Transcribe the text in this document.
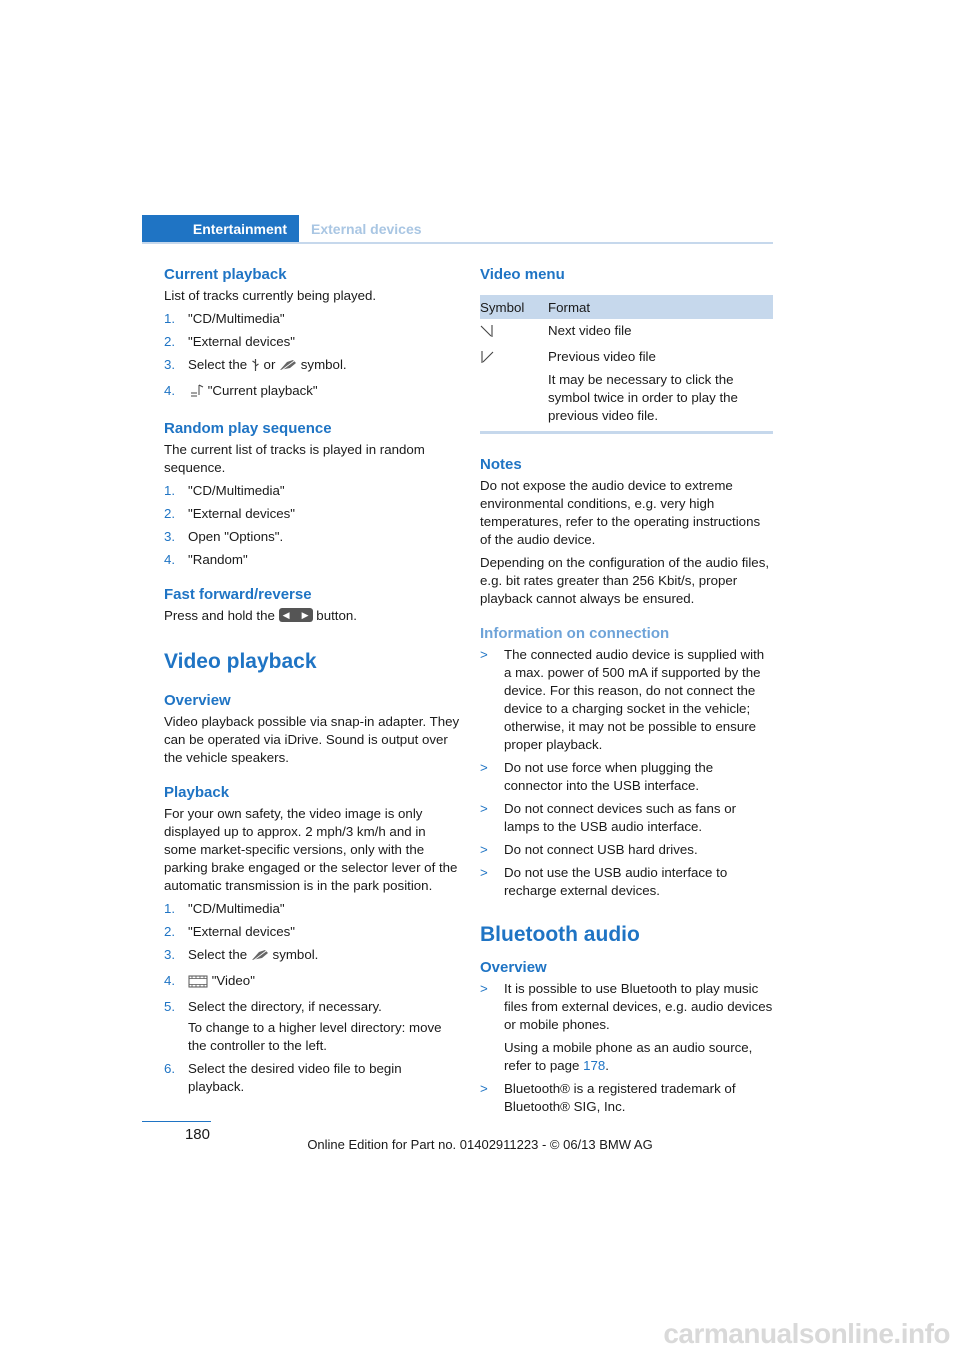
Entertainment	External devices
Current playback

List of tracks currently being played.

1. "CD/Multimedia"
2. "External devices"
3. Select the or symbol.
4. "Current playback"
Random play sequence

The current list of tracks is played in random sequence.

1. "CD/Multimedia"
2. "External devices"
3. Open "Options".
4. "Random"
Fast forward/reverse

Press and hold the ◀ ▶ button.

Video playback
Overview

Video playback possible via snap-in adapter. They can be operated via iDrive. Sound is output over the vehicle speakers.

Playback

For your own safety, the video image is only displayed up to approx. 2 mph/3 km/h and in some market-specific versions, only with the parking brake engaged or the selector lever of the automatic transmission is in the park position.

1. "CD/Multimedia"
2. "External devices"
3. Select the symbol.
4.	"Video"
5. Select the directory, if necessary.
To change to a higher level directory: move the controller to the left.
6. Select the desired video file to begin playback.
Video menu
Symbol	Format
	Next video file

Previous video file
It may be necessary to click the symbol twice in order to play the previous video file.
Notes

Do not expose the audio device to extreme environmental conditions, e.g. very high temperatures, refer to the operating instructions of the audio device.

Depending on the configuration of the audio files, e.g. bit rates greater than 256 Kbit/s, proper playback cannot always be ensured.

Information on connection
> The connected audio device is supplied with a max. power of 500 mA if supported by the device. For this reason, do not connect the device to a charging socket in the vehicle; otherwise, it may not be possible to ensure proper playback.
> Do not use force when plugging the connector into the USB interface.
> Do not connect devices such as fans or lamps to the USB audio interface.
> Do not connect USB hard drives.
> Do not use the USB audio interface to recharge external devices.
Bluetooth audio
Overview
> It is possible to use Bluetooth to play music files from external devices, e.g. audio devices or mobile phones.
Using a mobile phone as an audio source, refer to page 178.
> Bluetooth® is a registered trademark of Bluetooth® SIG, Inc.
180
Online Edition for Part no. 01402911223 - © 06/13 BMW AG
carmanualsonline.info
